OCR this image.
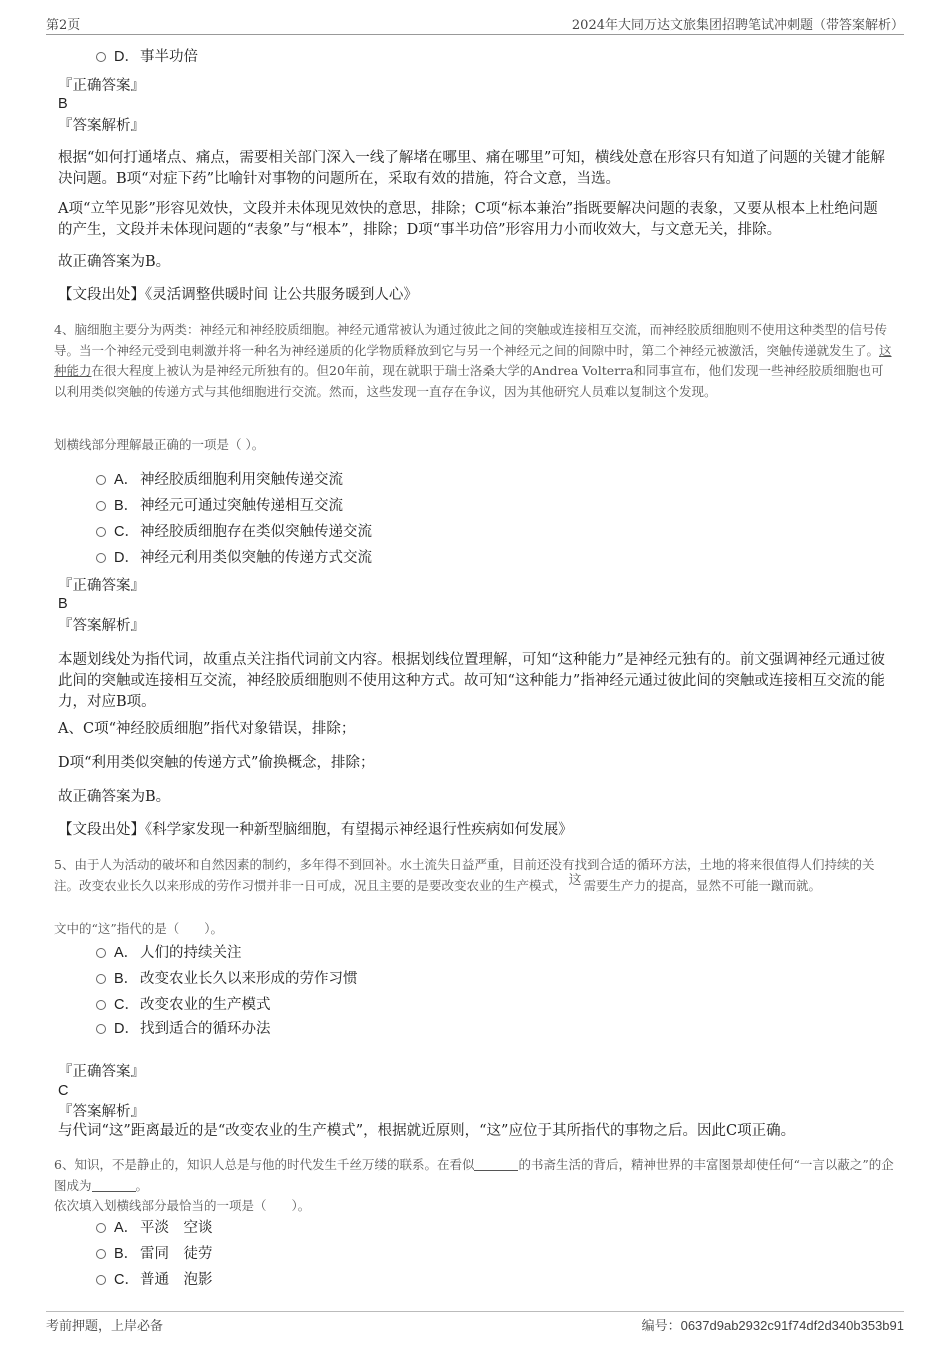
第2页	2024年大同万达文旅集团招聘笔试冲刺题（带答案解析）
D．事半功倍
『正确答案』
B
『答案解析』
根据“如何打通堵点、痛点，需要相关部门深入一线了解堵在哪里、痛在哪里”可知，横线处意在形容只有知道了问题的关键才能解决问题。B项“对症下药”比喻针对事物的问题所在，采取有效的措施，符合文意，当选。
A项“立竿见影”形容见效快，文段并未体现见效快的意思，排除；C项“标本兼治”指既要解决问题的表象，又要从根本上杜绝问题的产生，文段并未体现问题的“表象”与“根本”，排除；D项“事半功倍”形容用力小而收效大，与文意无关，排除。
故正确答案为B。
【文段出处】《灵活调整供暖时间 让公共服务暖到人心》
4、脑细胞主要分为两类：神经元和神经胶质细胞。神经元通常被认为通过彼此之间的突触或连接相互交流，而神经胶质细胞则不使用这种类型的信号传导。当一个神经元受到电刺激并将一种名为神经递质的化学物质释放到它与另一个神经元之间的间隙中时，第二个神经元被激活，突触传递就发生了。这种能力在很大程度上被认为是神经元所独有的。但20年前，现在就职于瑞士洛桑大学的Andrea Volterra和同事宣布，他们发现一些神经胶质细胞也可以利用类似突触的传递方式与其他细胞进行交流。然而，这些发现一直存在争议，因为其他研究人员难以复制这个发现。
划横线部分理解最正确的一项是（ ）。
A． 神经胶质细胞利用突触传递交流
B． 神经元可通过突触传递相互交流
C．神经胶质细胞存在类似突触传递交流
D．神经元利用类似突触的传递方式交流
『正确答案』
B
『答案解析』
本题划线处为指代词，故重点关注指代词前文内容。根据划线位置理解，可知“这种能力”是神经元独有的。前文强调神经元通过彼此间的突触或连接相互交流，神经胶质细胞则不使用这种方式。故可知“这种能力”指神经元通过彼此间的突触或连接相互交流的能力，对应B项。
A、C项“神经胶质细胞”指代对象错误，排除；
D项“利用类似突触的传递方式”偷换概念，排除；
故正确答案为B。
【文段出处】《科学家发现一种新型脑细胞，有望揭示神经退行性疾病如何发展》
5、由于人为活动的破坏和自然因素的制约，多年得不到回补。水土流失日益严重，目前还没有找到合适的循环方法，土地的将来很值得人们持续的关注。改变农业长久以来形成的劳作习惯并非一日可成，况且主要的是要改变农业的生产模式， 这 需要生产力的提高，显然不可能一蹴而就。
文中的“这”指代的是（　　）。
A． 人们的持续关注
B． 改变农业长久以来形成的劳作习惯
C．改变农业的生产模式
D．找到适合的循环办法
『正确答案』
C
『答案解析』
与代词“这”距离最近的是“改变农业的生产模式”，根据就近原则，“这”应位于其所指代的事物之后。因此C项正确。
6、知识，不是静止的，知识人总是与他的时代发生千丝万缕的联系。在看似	的书斋生活的背后，精神世界的丰富图景却使任何“一言以蔽之”的企图成为	。
依次填入划横线部分最恰当的一项是（　　）。
A． 平淡　空谈
B． 雷同　徒劳
C．普通　泡影
考前押题，上岸必备	编号：0637d9ab2932c91f74df2d340b353b91
